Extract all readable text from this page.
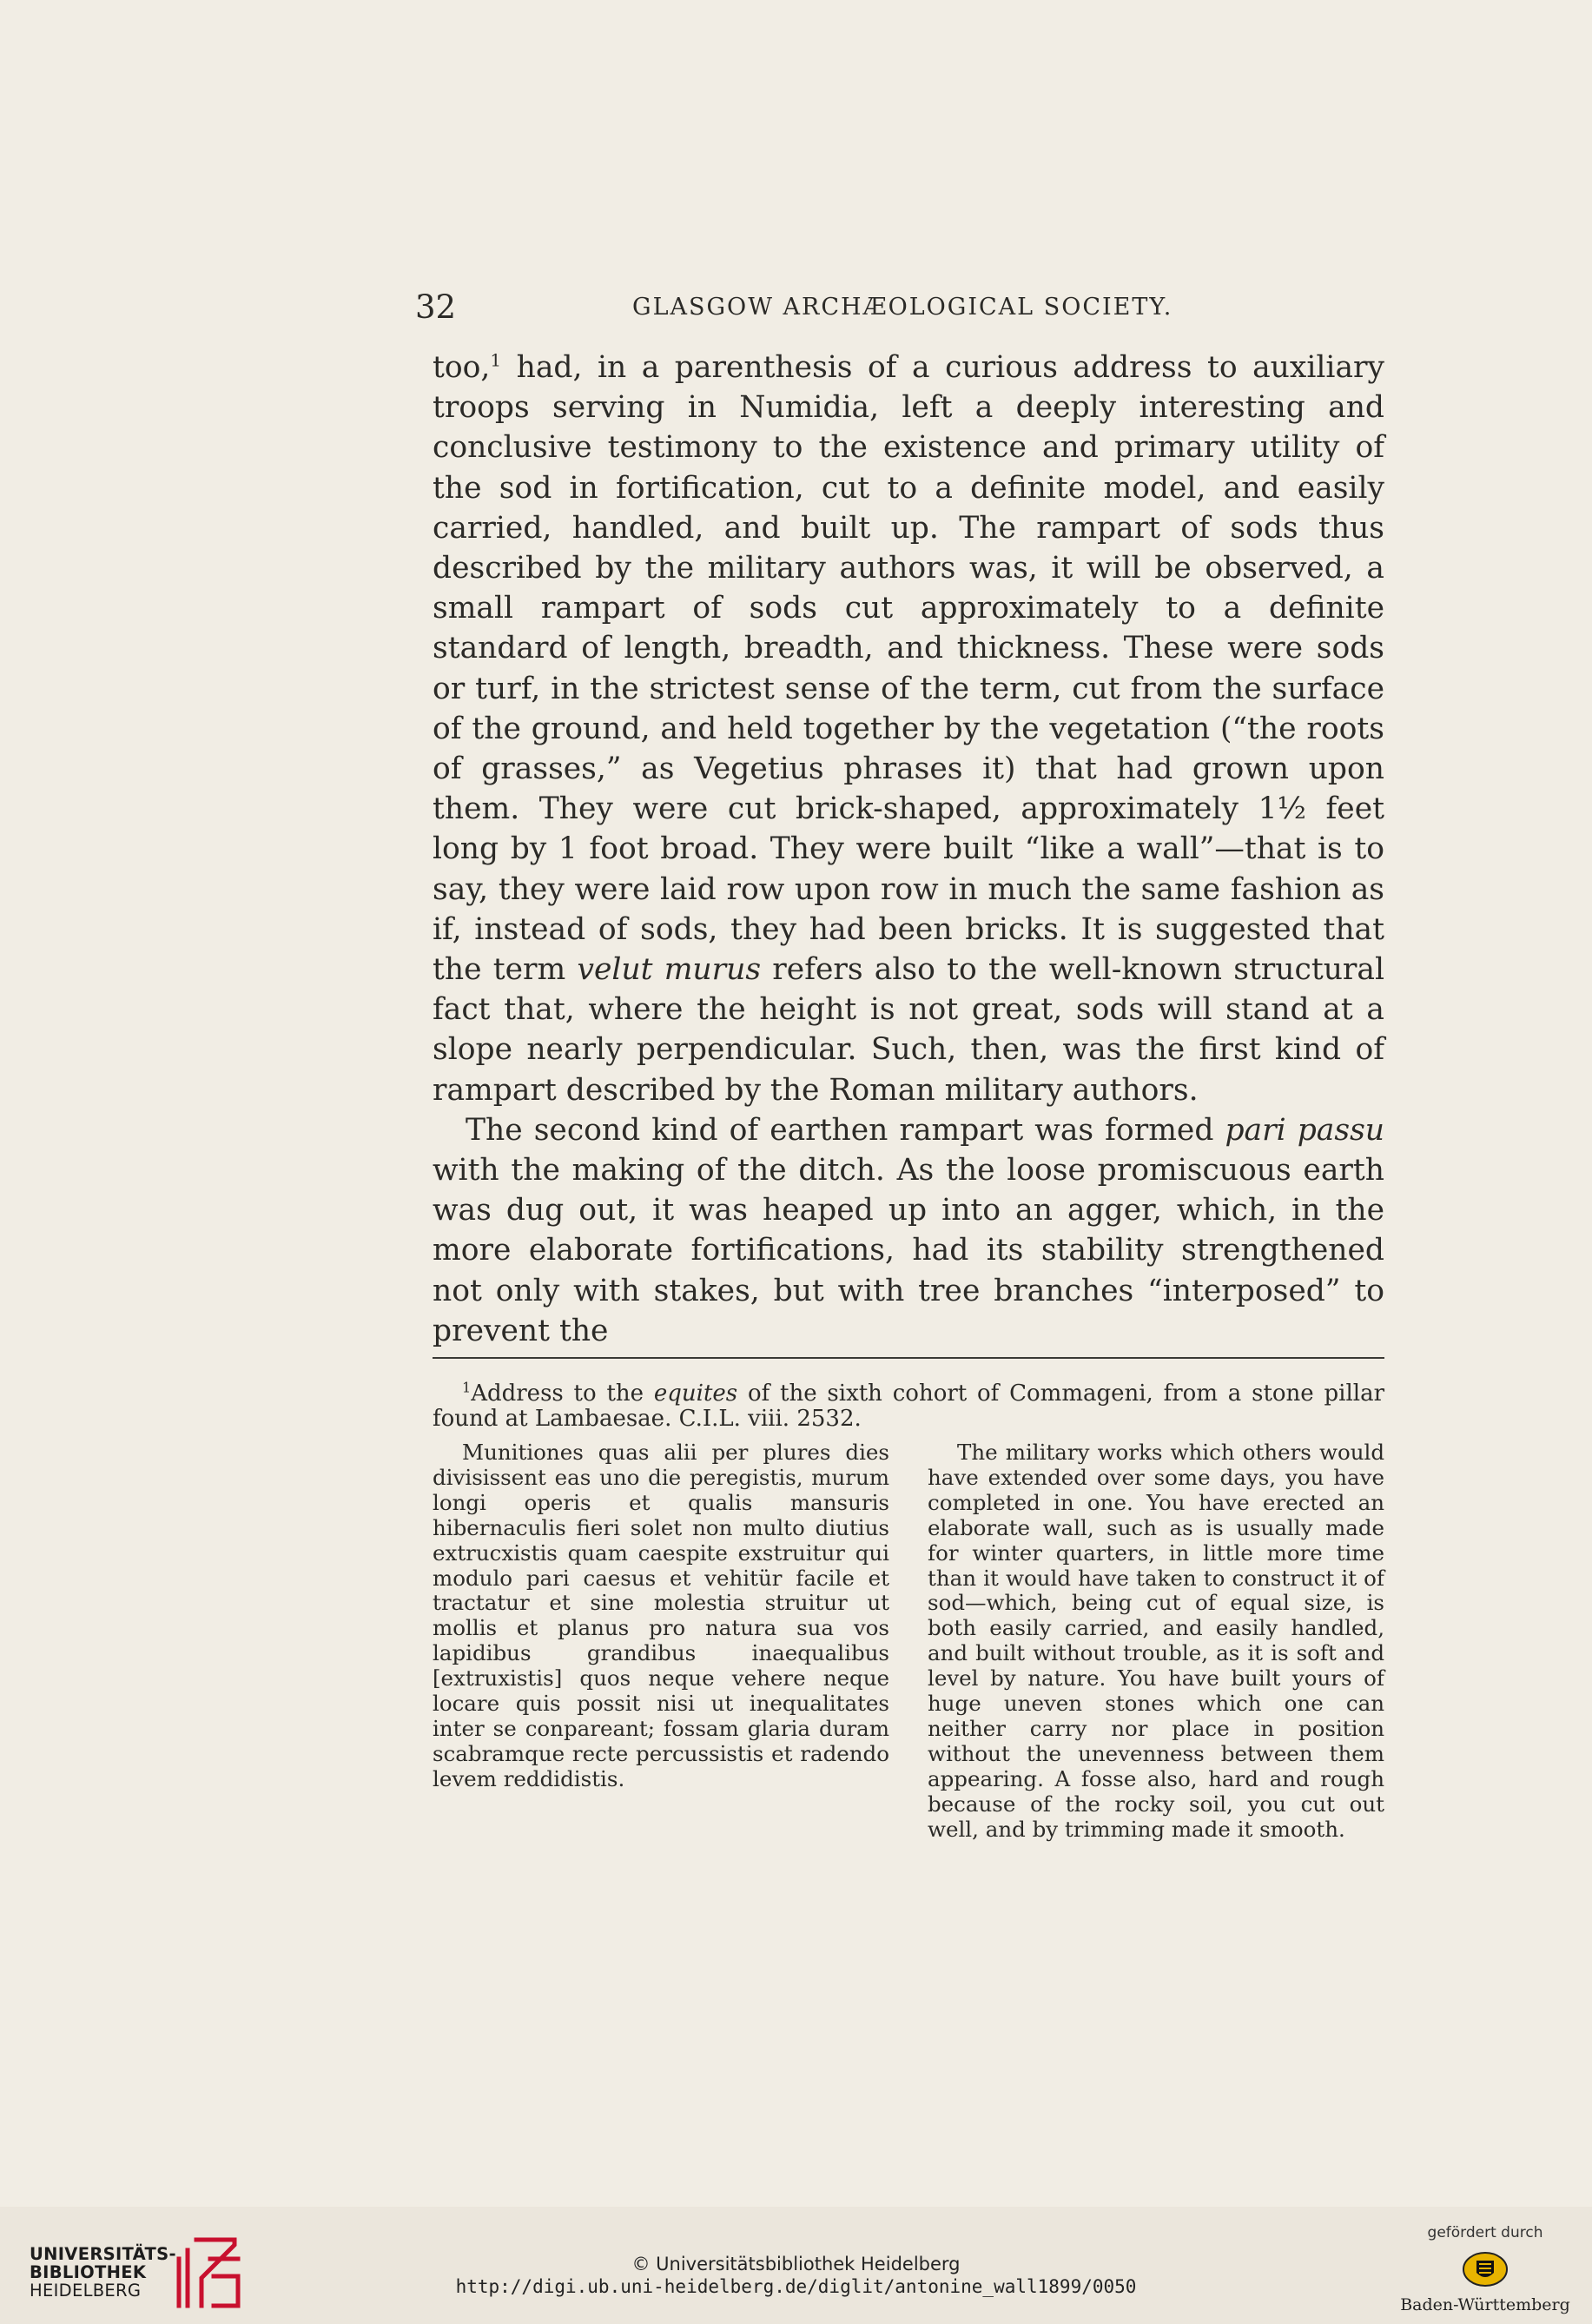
32	GLASGOW ARCHÆOLOGICAL SOCIETY.

too,$^1$ had, in a parenthesis of a curious address to auxiliary troops serving in Numidia, left a deeply interesting and conclusive testimony to the existence and primary utility of the sod in fortification, cut to a definite model, and easily carried, handled, and built up. The rampart of sods thus described by the military authors was, it will be observed, a small rampart of sods cut approximately to a definite standard of length, breadth, and thickness. These were sods or turf, in the strictest sense of the term, cut from the surface of the ground, and held together by the vegetation (“the roots of grasses,” as Vegetius phrases it) that had grown upon them. They were cut brick-shaped, approximately 1½ feet long by 1 foot broad. They were built “like a wall”—that is to say, they were laid row upon row in much the same fashion as if, instead of sods, they had been bricks. It is suggested that the term velut murus refers also to the well-known structural fact that, where the height is not great, sods will stand at a slope nearly perpendicular. Such, then, was the first kind of rampart described by the Roman military authors.

The second kind of earthen rampart was formed pari passu with the making of the ditch. As the loose promiscuous earth was dug out, it was heaped up into an agger, which, in the more elaborate fortifications, had its stability strengthened not only with stakes, but with tree branches “interposed” to prevent the

$^1$Address to the equites of the sixth cohort of Commageni, from a stone pillar found at Lambaesae. C.I.L. viii. 2532.

Munitiones quas alii per plures dies divisissent eas uno die peregistis, murum longi operis et qualis mansuris hibernaculis fieri solet non multo diutius extrucxistis quam caespite exstruitur qui modulo pari caesus et vehitür facile et tractatur et sine molestia struitur ut mollis et planus pro natura sua vos lapidibus grandibus inaequalibus [extruxistis] quos neque vehere neque locare quis possit nisi ut inequalitates inter se conpareant; fossam glaria duram scabramque recte percussistis et radendo levem reddidistis.

The military works which others would have extended over some days, you have completed in one. You have erected an elaborate wall, such as is usually made for winter quarters, in little more time than it would have taken to construct it of sod—which, being cut of equal size, is both easily carried, and easily handled, and built without trouble, as it is soft and level by nature. You have built yours of huge uneven stones which one can neither carry nor place in position without the unevenness between them appearing. A fosse also, hard and rough because of the rocky soil, you cut out well, and by trimming made it smooth.

UNIVERSITÄTS-
BIBLIOTHEK
HEIDELBERG
© Universitätsbibliothek Heidelberg
http://digi.ub.uni-heidelberg.de/diglit/antonine_wall1899/0050
gefördert durch
Baden-Württemberg
